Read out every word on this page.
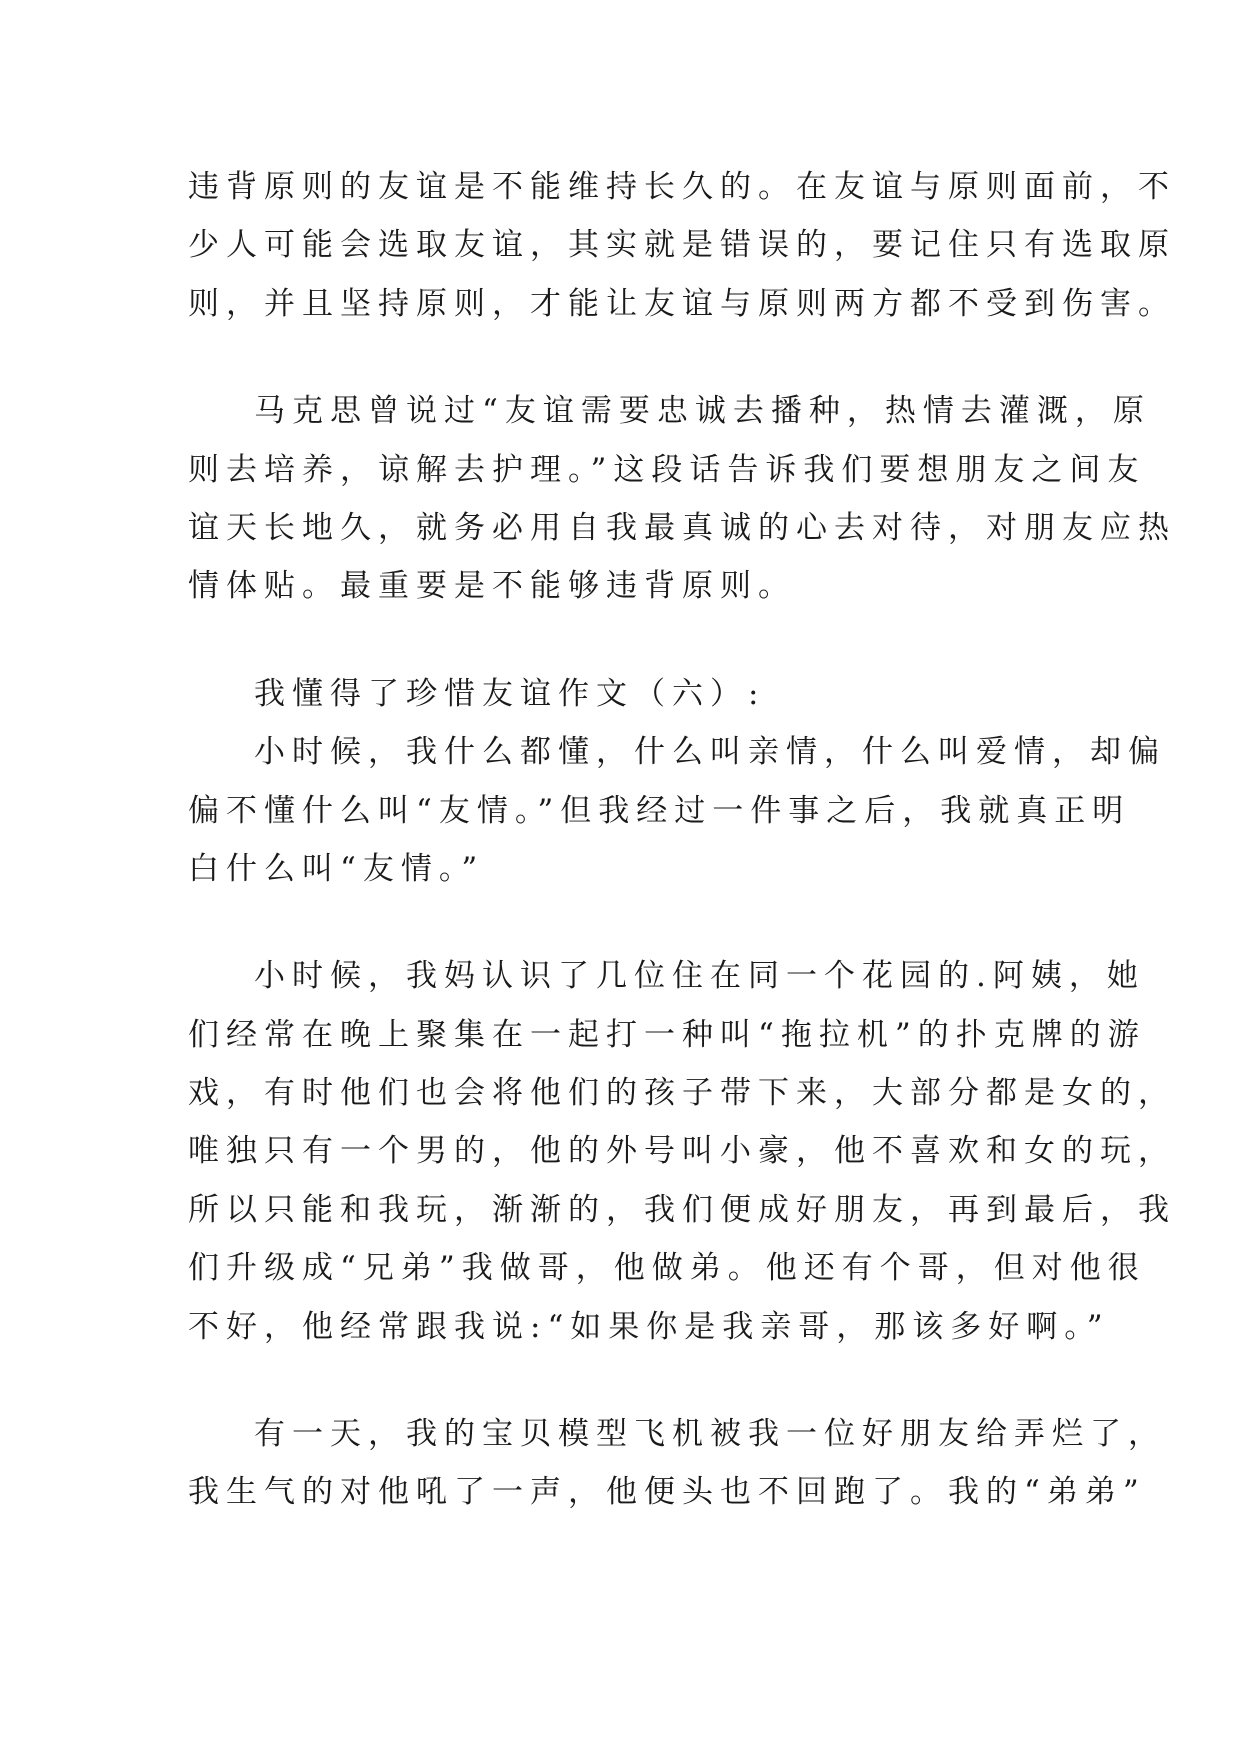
违背原则的友谊是不能维持长久的。在友谊与原则面前，不
少人可能会选取友谊，其实就是错误的，要记住只有选取原
则，并且坚持原则，才能让友谊与原则两方都不受到伤害。
马克思曾说过“友谊需要忠诚去播种，热情去灌溉，原
则去培养，谅解去护理。”这段话告诉我们要想朋友之间友
谊天长地久，就务必用自我最真诚的心去对待，对朋友应热
情体贴。最重要是不能够违背原则。
我懂得了珍惜友谊作文（六）:
小时候，我什么都懂，什么叫亲情，什么叫爱情，却偏
偏不懂什么叫“友情。”但我经过一件事之后，我就真正明
白什么叫“友情。”
小时候，我妈认识了几位住在同一个花园的.阿姨，她
们经常在晚上聚集在一起打一种叫“拖拉机”的扑克牌的游
戏，有时他们也会将他们的孩子带下来，大部分都是女的，
唯独只有一个男的，他的外号叫小豪，他不喜欢和女的玩，
所以只能和我玩，渐渐的，我们便成好朋友，再到最后，我
们升级成“兄弟”我做哥，他做弟。他还有个哥，但对他很
不好，他经常跟我说:“如果你是我亲哥，那该多好啊。”
有一天，我的宝贝模型飞机被我一位好朋友给弄烂了，
我生气的对他吼了一声，他便头也不回跑了。我的“弟弟”
